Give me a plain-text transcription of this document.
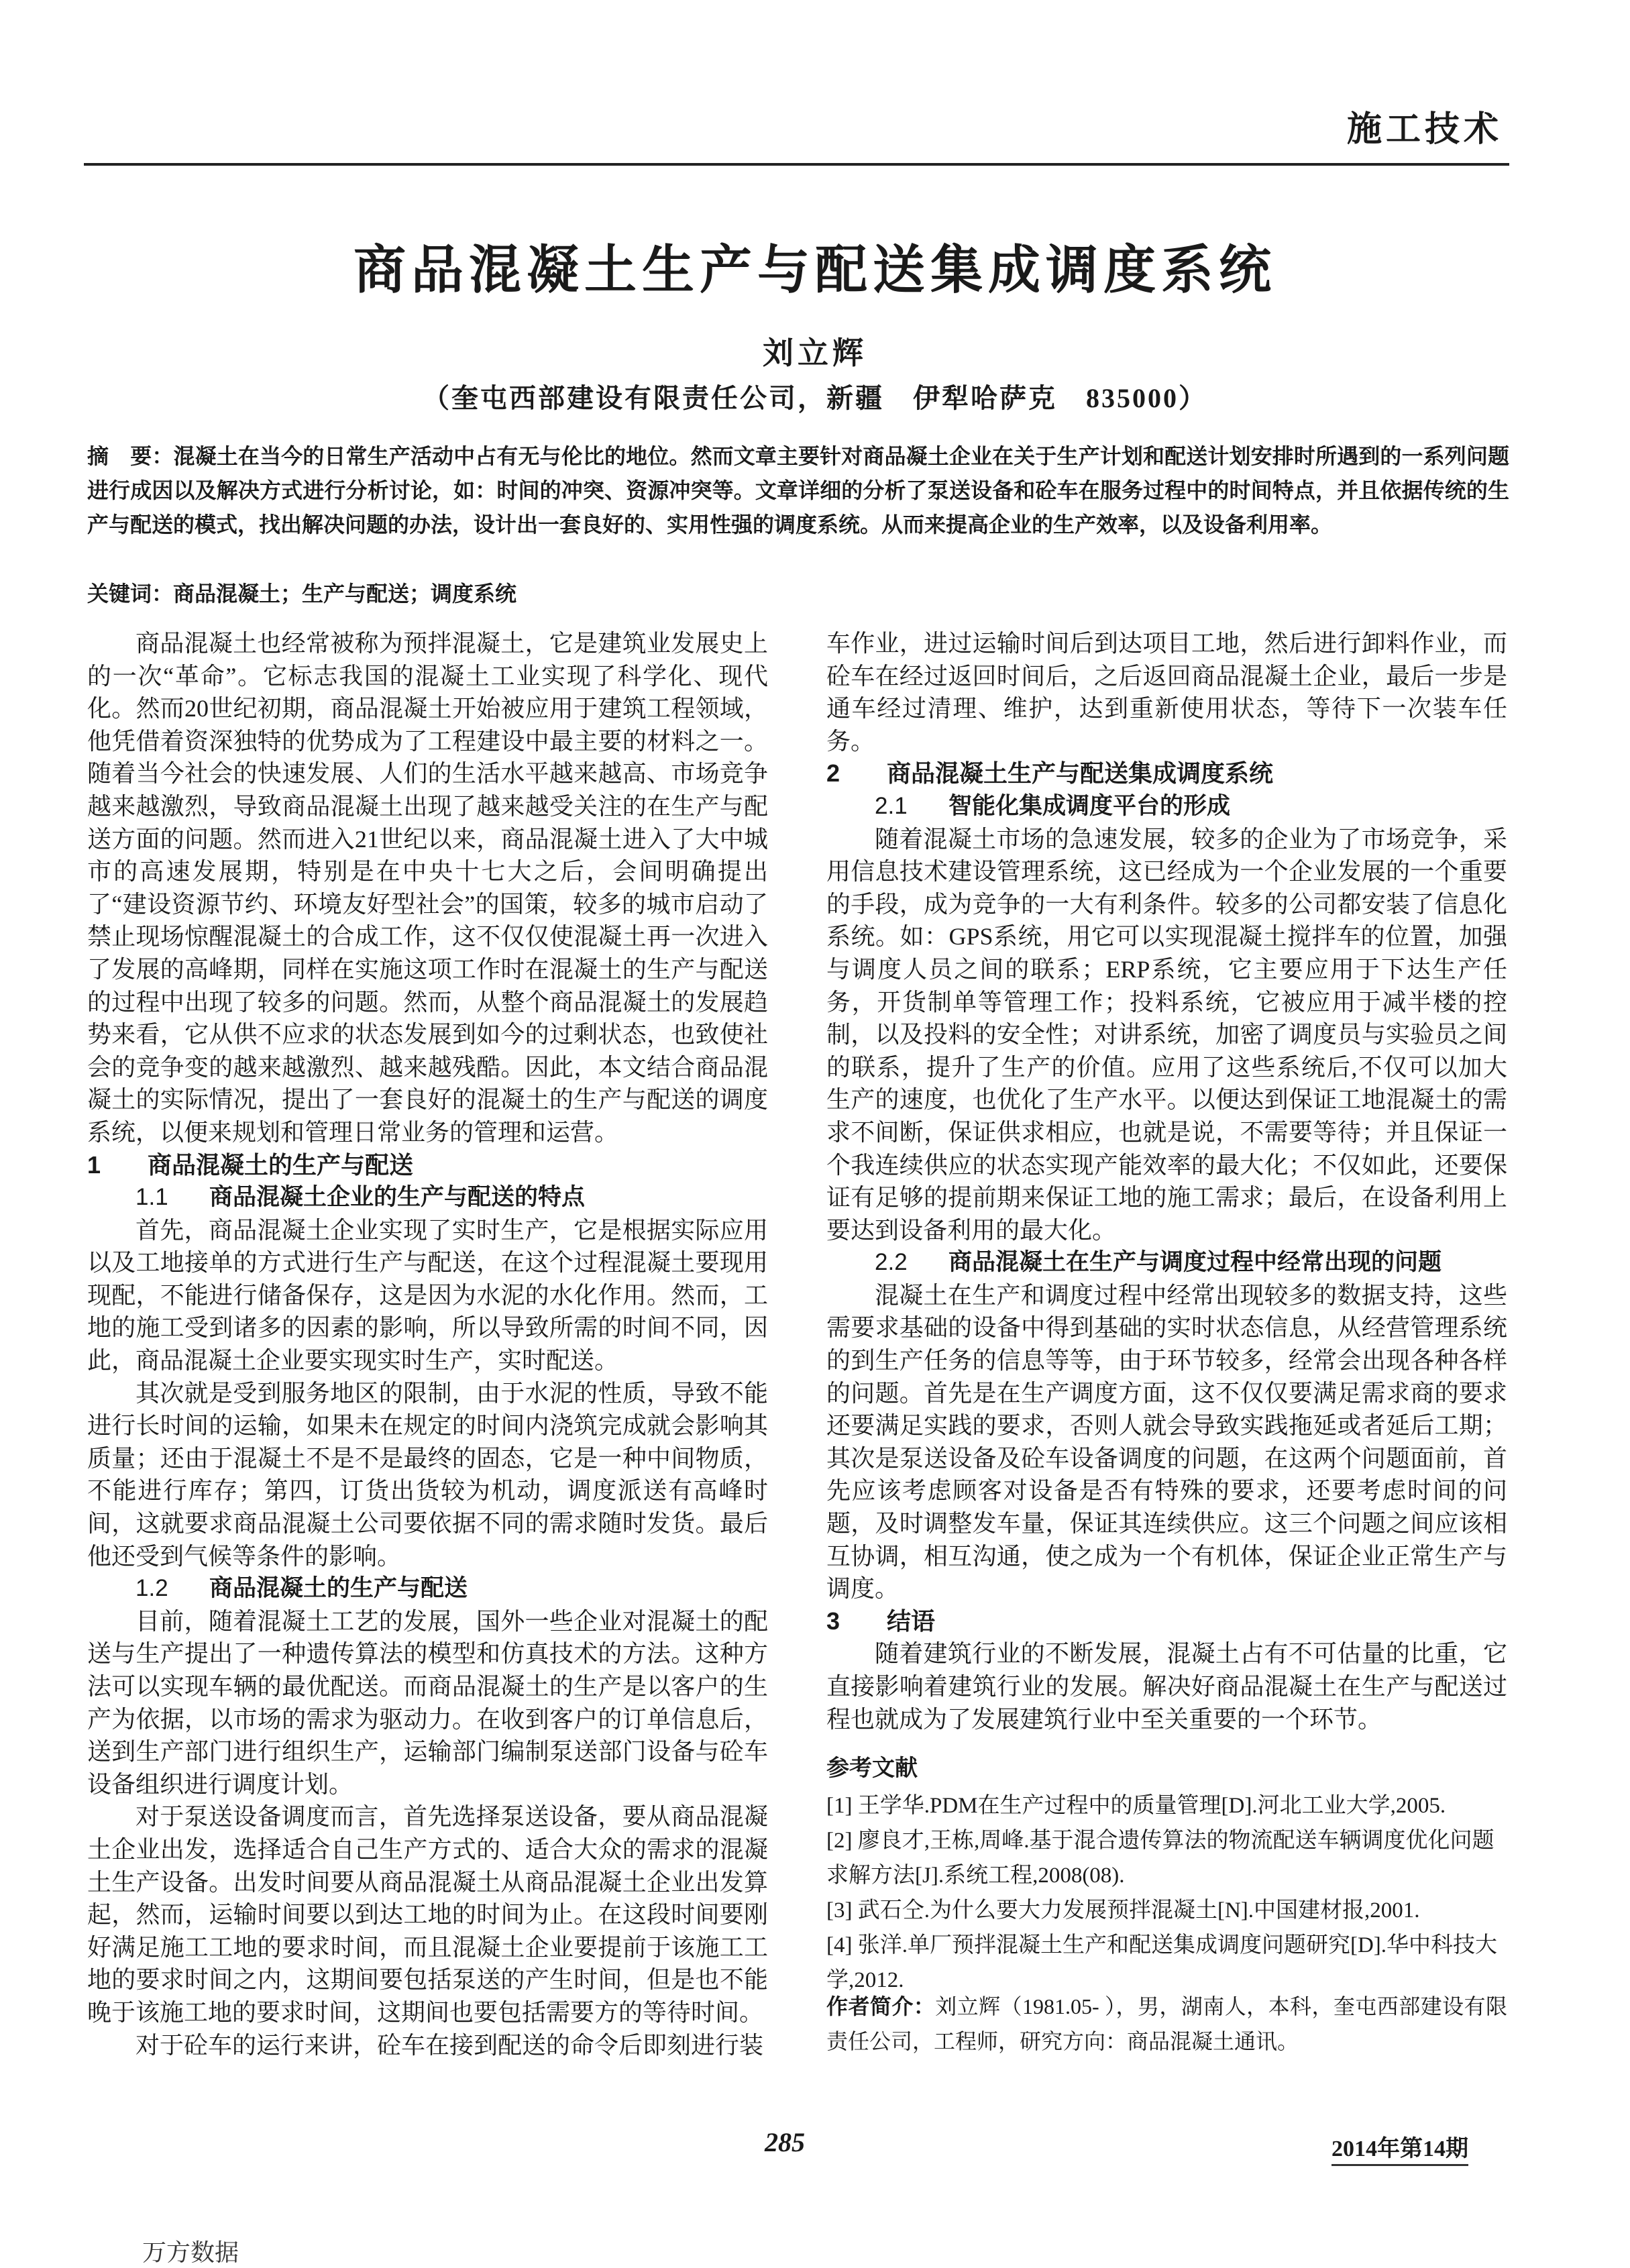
施工技术
商品混凝土生产与配送集成调度系统
刘立辉
（奎屯西部建设有限责任公司，新疆　伊犁哈萨克　835000）
摘　要：混凝土在当今的日常生产活动中占有无与伦比的地位。然而文章主要针对商品凝土企业在关于生产计划和配送计划安排时所遇到的一系列问题进行成因以及解决方式进行分析讨论，如：时间的冲突、资源冲突等。文章详细的分析了泵送设备和砼车在服务过程中的时间特点，并且依据传统的生产与配送的模式，找出解决问题的办法，设计出一套良好的、实用性强的调度系统。从而来提高企业的生产效率，以及设备利用率。
关键词：商品混凝土；生产与配送；调度系统

商品混凝土也经常被称为预拌混凝土，它是建筑业发展史上的一次“革命”。它标志我国的混凝土工业实现了科学化、现代化。然而20世纪初期，商品混凝土开始被应用于建筑工程领域，他凭借着资深独特的优势成为了工程建设中最主要的材料之一。随着当今社会的快速发展、人们的生活水平越来越高、市场竞争越来越激烈，导致商品混凝土出现了越来越受关注的在生产与配送方面的问题。然而进入21世纪以来，商品混凝土进入了大中城市的高速发展期，特别是在中央十七大之后，会间明确提出了“建设资源节约、环境友好型社会”的国策，较多的城市启动了禁止现场惊醒混凝土的合成工作，这不仅仅使混凝土再一次进入了发展的高峰期，同样在实施这项工作时在混凝土的生产与配送的过程中出现了较多的问题。然而，从整个商品混凝土的发展趋势来看，它从供不应求的状态发展到如今的过剩状态，也致使社会的竞争变的越来越激烈、越来越残酷。因此，本文结合商品混凝土的实际情况，提出了一套良好的混凝土的生产与配送的调度系统，以便来规划和管理日常业务的管理和运营。

1 商品混凝土的生产与配送
1.1 商品混凝土企业的生产与配送的特点

首先，商品混凝土企业实现了实时生产，它是根据实际应用以及工地接单的方式进行生产与配送，在这个过程混凝土要现用现配，不能进行储备保存，这是因为水泥的水化作用。然而，工地的施工受到诸多的因素的影响，所以导致所需的时间不同，因此，商品混凝土企业要实现实时生产，实时配送。

其次就是受到服务地区的限制，由于水泥的性质，导致不能进行长时间的运输，如果未在规定的时间内浇筑完成就会影响其质量；还由于混凝土不是不是最终的固态，它是一种中间物质，不能进行库存；第四，订货出货较为机动，调度派送有高峰时间，这就要求商品混凝土公司要依据不同的需求随时发货。最后他还受到气候等条件的影响。

1.2 商品混凝土的生产与配送

目前，随着混凝土工艺的发展，国外一些企业对混凝土的配送与生产提出了一种遗传算法的模型和仿真技术的方法。这种方法可以实现车辆的最优配送。而商品混凝土的生产是以客户的生产为依据，以市场的需求为驱动力。在收到客户的订单信息后，送到生产部门进行组织生产，运输部门编制泵送部门设备与砼车设备组织进行调度计划。

对于泵送设备调度而言，首先选择泵送设备，要从商品混凝土企业出发，选择适合自己生产方式的、适合大众的需求的混凝土生产设备。出发时间要从商品混凝土从商品混凝土企业出发算起，然而，运输时间要以到达工地的时间为止。在这段时间要刚好满足施工工地的要求时间，而且混凝土企业要提前于该施工工地的要求时间之内，这期间要包括泵送的产生时间，但是也不能晚于该施工地的要求时间，这期间也要包括需要方的等待时间。

对于砼车的运行来讲，砼车在接到配送的命令后即刻进行装

车作业，进过运输时间后到达项目工地，然后进行卸料作业，而砼车在经过返回时间后，之后返回商品混凝土企业，最后一步是通车经过清理、维护，达到重新使用状态，等待下一次装车任务。

2 商品混凝土生产与配送集成调度系统
2.1 智能化集成调度平台的形成

随着混凝土市场的急速发展，较多的企业为了市场竞争，采用信息技术建设管理系统，这已经成为一个企业发展的一个重要的手段，成为竞争的一大有利条件。较多的公司都安装了信息化系统。如：GPS系统，用它可以实现混凝土搅拌车的位置，加强与调度人员之间的联系；ERP系统，它主要应用于下达生产任务，开货制单等管理工作；投料系统，它被应用于减半楼的控制，以及投料的安全性；对讲系统，加密了调度员与实验员之间的联系，提升了生产的价值。应用了这些系统后,不仅可以加大生产的速度，也优化了生产水平。以便达到保证工地混凝土的需求不间断，保证供求相应，也就是说，不需要等待；并且保证一个我连续供应的状态实现产能效率的最大化；不仅如此，还要保证有足够的提前期来保证工地的施工需求；最后，在设备利用上要达到设备利用的最大化。

2.2 商品混凝土在生产与调度过程中经常出现的问题

混凝土在生产和调度过程中经常出现较多的数据支持，这些需要求基础的设备中得到基础的实时状态信息，从经营管理系统的到生产任务的信息等等，由于环节较多，经常会出现各种各样的问题。首先是在生产调度方面，这不仅仅要满足需求商的要求还要满足实践的要求，否则人就会导致实践拖延或者延后工期；其次是泵送设备及砼车设备调度的问题，在这两个问题面前，首先应该考虑顾客对设备是否有特殊的要求，还要考虑时间的问题，及时调整发车量，保证其连续供应。这三个问题之间应该相互协调，相互沟通，使之成为一个有机体，保证企业正常生产与调度。

3 结语

随着建筑行业的不断发展，混凝土占有不可估量的比重，它直接影响着建筑行业的发展。解决好商品混凝土在生产与配送过程也就成为了发展建筑行业中至关重要的一个环节。

参考文献

[1] 王学华.PDM在生产过程中的质量管理[D].河北工业大学,2005.

[2] 廖良才,王栋,周峰.基于混合遗传算法的物流配送车辆调度优化问题求解方法[J].系统工程,2008(08).

[3] 武石仝.为什么要大力发展预拌混凝土[N].中国建材报,2001.

[4] 张洋.单厂预拌混凝土生产和配送集成调度问题研究[D].华中科技大学,2012.

作者简介：刘立辉（1981.05- ），男，湖南人，本科，奎屯西部建设有限责任公司，工程师，研究方向：商品混凝土通讯。
285	2014年第14期
万方数据
